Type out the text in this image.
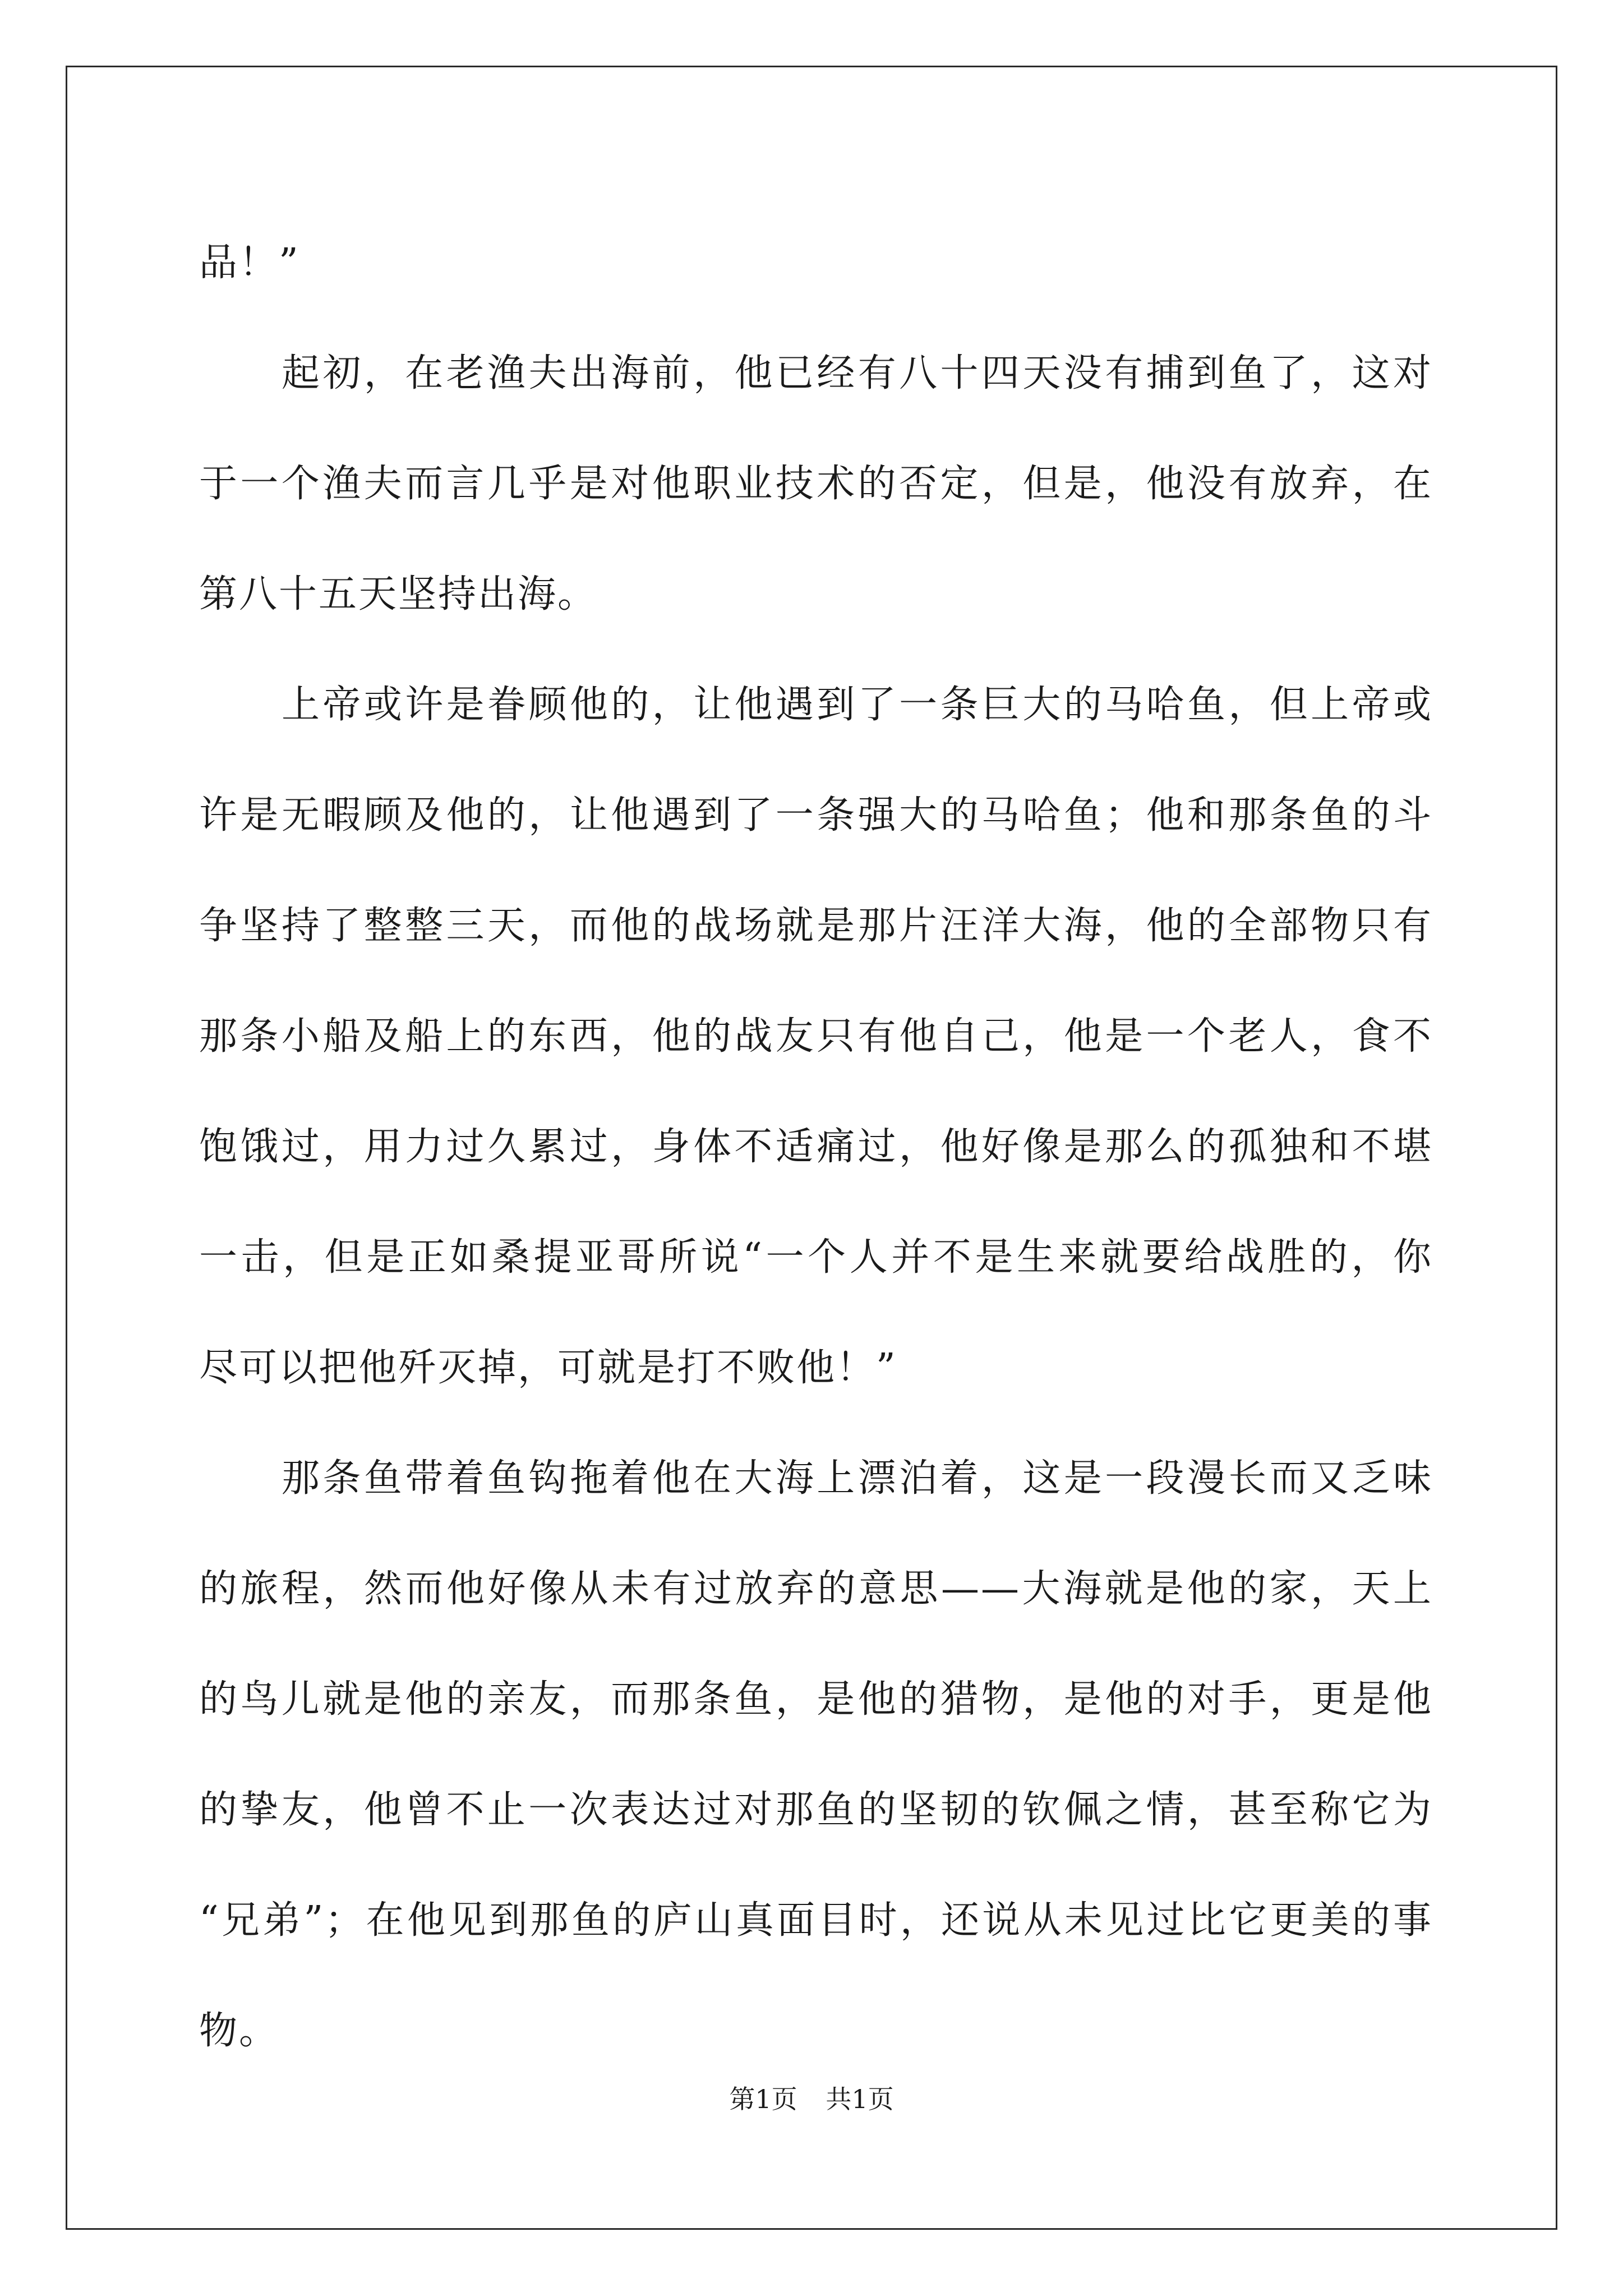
品！”
起初，在老渔夫出海前，他已经有八十四天没有捕到鱼了，这对
于一个渔夫而言几乎是对他职业技术的否定，但是，他没有放弃，在
第八十五天坚持出海。
上帝或许是眷顾他的，让他遇到了一条巨大的马哈鱼，但上帝或
许是无暇顾及他的，让他遇到了一条强大的马哈鱼；他和那条鱼的斗
争坚持了整整三天，而他的战场就是那片汪洋大海，他的全部物只有
那条小船及船上的东西，他的战友只有他自己，他是一个老人，食不
饱饿过，用力过久累过，身体不适痛过，他好像是那么的孤独和不堪
一击，但是正如桑提亚哥所说“一个人并不是生来就要给战胜的，你
尽可以把他歼灭掉，可就是打不败他！”
那条鱼带着鱼钩拖着他在大海上漂泊着，这是一段漫长而又乏味
的旅程，然而他好像从未有过放弃的意思——大海就是他的家，天上
的鸟儿就是他的亲友，而那条鱼，是他的猎物，是他的对手，更是他
的挚友，他曾不止一次表达过对那鱼的坚韧的钦佩之情，甚至称它为
“兄弟”；在他见到那鱼的庐山真面目时，还说从未见过比它更美的事
物。
第1页 共1页
